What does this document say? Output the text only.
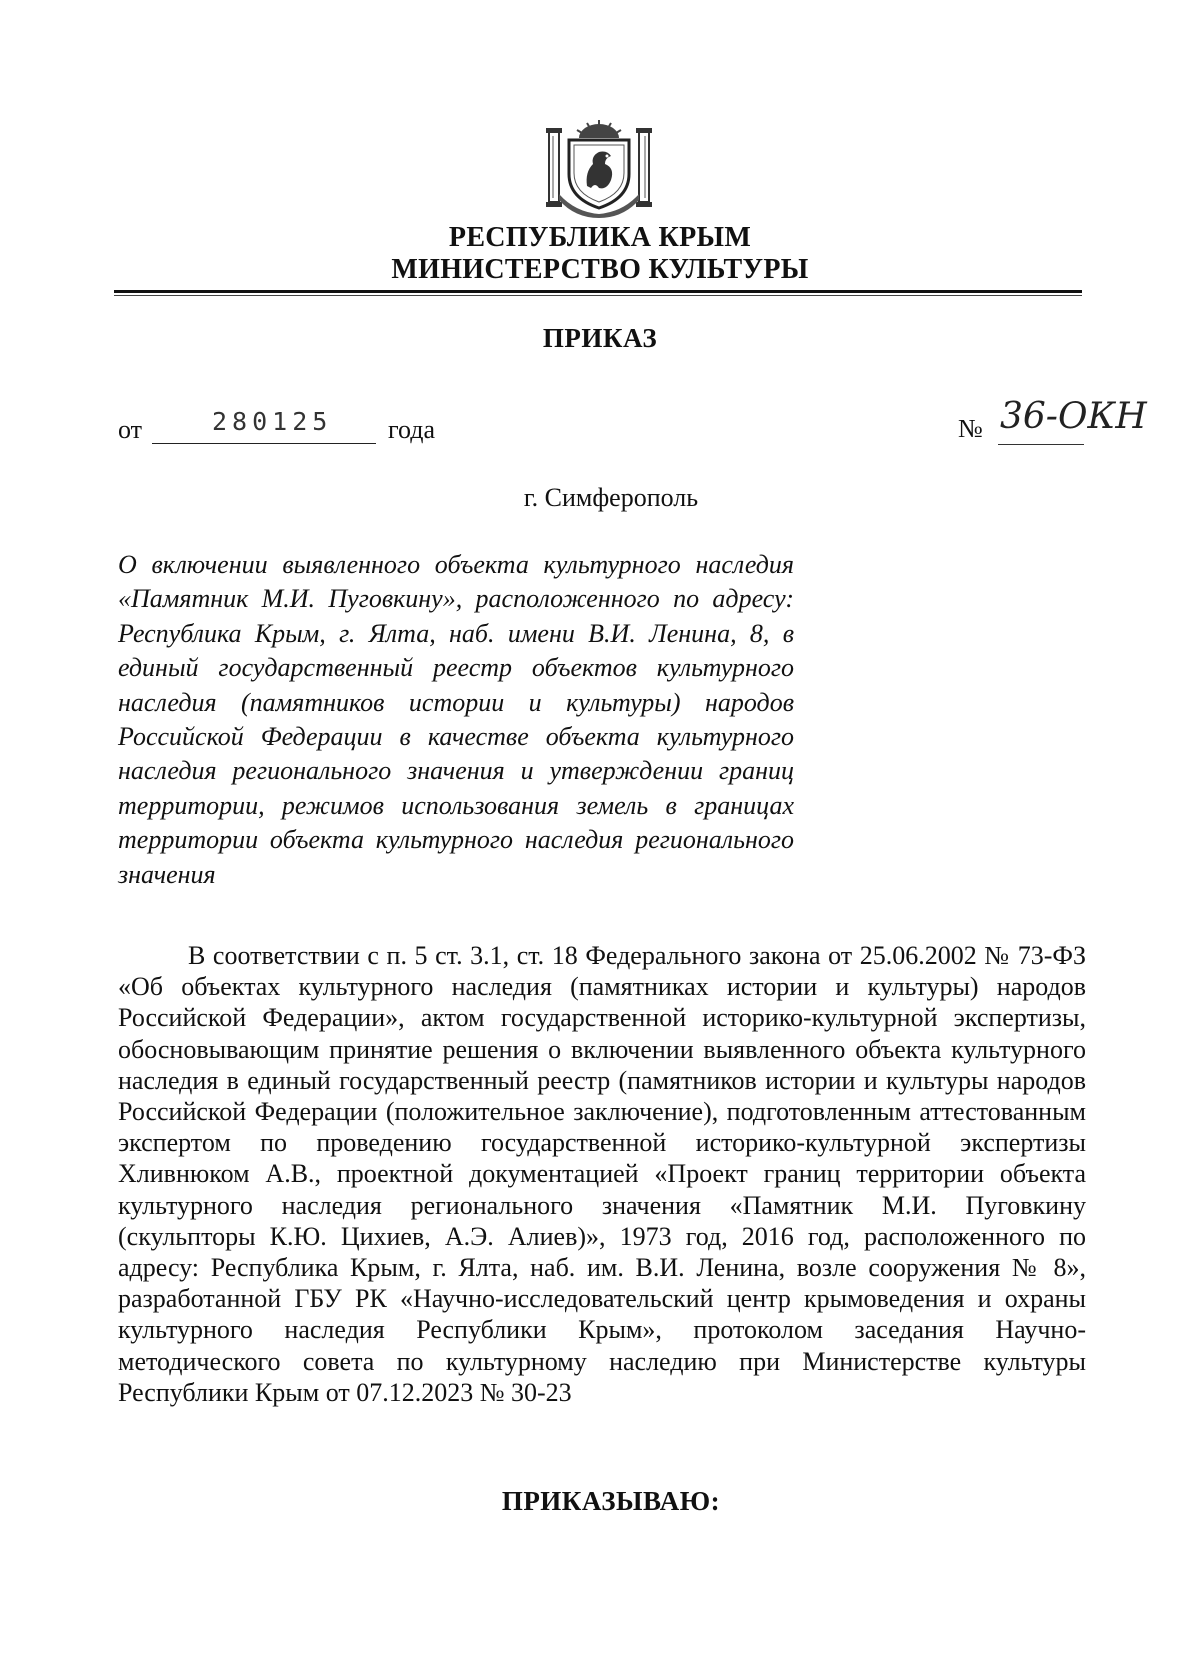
РЕСПУБЛИКА КРЫМ
МИНИСТЕРСТВО КУЛЬТУРЫ
ПРИКАЗ
от	280125 года	№ 36-ОКН
г. Симферополь
О включении выявленного объекта культурного наследия «Памятник М.И. Пуговкину», расположенного по адресу: Республика Крым, г. Ялта, наб. имени В.И. Ленина, 8, в единый государственный реестр объектов культурного наследия (памятников истории и культуры) народов Российской Федерации в качестве объекта культурного наследия регионального значения и утверждении границ территории, режимов использования земель в границах территории объекта культурного наследия регионального значения
В соответствии с п. 5 ст. 3.1, ст. 18 Федерального закона от 25.06.2002 № 73-ФЗ «Об объектах культурного наследия (памятниках истории и культуры) народов Российской Федерации», актом государственной историко-культурной экспертизы, обосновывающим принятие решения о включении выявленного объекта культурного наследия в единый государственный реестр (памятников истории и культуры народов Российской Федерации (положительное заключение), подготовленным аттестованным экспертом по проведению государственной историко-культурной экспертизы Хливнюком А.В., проектной документацией «Проект границ территории объекта культурного наследия регионального значения «Памятник М.И. Пуговкину (скульпторы К.Ю. Цихиев, А.Э. Алиев)», 1973 год, 2016 год, расположенного по адресу: Республика Крым, г. Ялта, наб. им. В.И. Ленина, возле сооружения № 8», разработанной ГБУ РК «Научно-исследовательский центр крымоведения и охраны культурного наследия Республики Крым», протоколом заседания Научно-методического совета по культурному наследию при Министерстве культуры Республики Крым от 07.12.2023 № 30-23
ПРИКАЗЫВАЮ:
